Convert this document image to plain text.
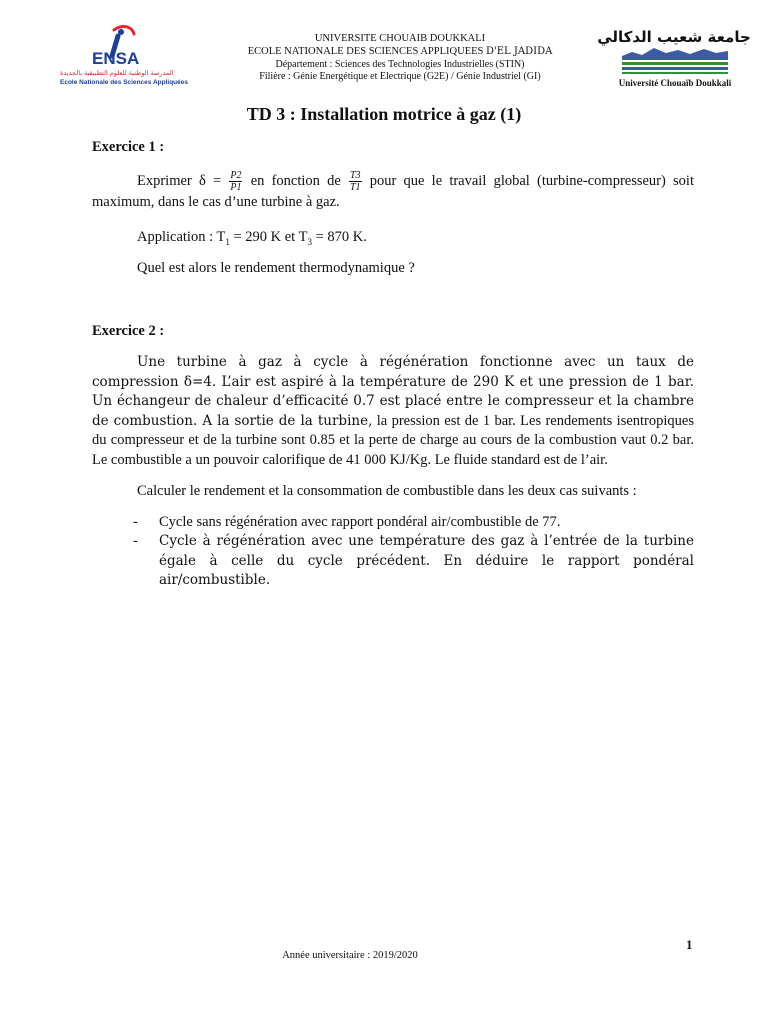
ENSA
المدرسة الوطنية للعلوم التطبيقية بالجديدة
Ecole Nationale des Sciences Appliquées
UNIVERSITE CHOUAIB DOUKKALI
ECOLE NATIONALE DES SCIENCES APPLIQUEES D'EL JADIDA
Département : Sciences des Technologies Industrielles (STIN)
Filière : Génie Energétique et Electrique (G2E) / Génie Industriel (GI)
جامعة شعيب الدكالي
Université Chouaïb Doukkali
TD 3 : Installation motrice à gaz (1)
Exercice 1 :
Exprimer $\delta = \frac{P2}{P1}$ en fonction de $\frac{T3}{T1}$ pour que le travail global (turbine-compresseur) soit maximum, dans le cas d’une turbine à gaz.
Application : $T_1 = 290$ K et $T_3 = 870$ K.
Quel est alors le rendement thermodynamique ?
Exercice 2 :
Une turbine à gaz à cycle à régénération fonctionne avec un taux de compression δ=4. L’air est aspiré à la température de 290 K et une pression de 1 bar. Un échangeur de chaleur d’efficacité 0.7 est placé entre le compresseur et la chambre de combustion. A la sortie de la turbine, la pression est de 1 bar. Les rendements isentropiques du compresseur et de la turbine sont 0.85 et la perte de charge au cours de la combustion vaut 0.2 bar. Le combustible a un pouvoir calorifique de 41 000 KJ/Kg. Le fluide standard est de l’air.
Calculer le rendement et la consommation de combustible dans les deux cas suivants :
-	Cycle sans régénération avec rapport pondéral air/combustible de 77.
-	Cycle à régénération avec une température des gaz à l’entrée de la turbine égale à celle du cycle précédent. En déduire le rapport pondéral air/combustible.
1
Année universitaire : 2019/2020
